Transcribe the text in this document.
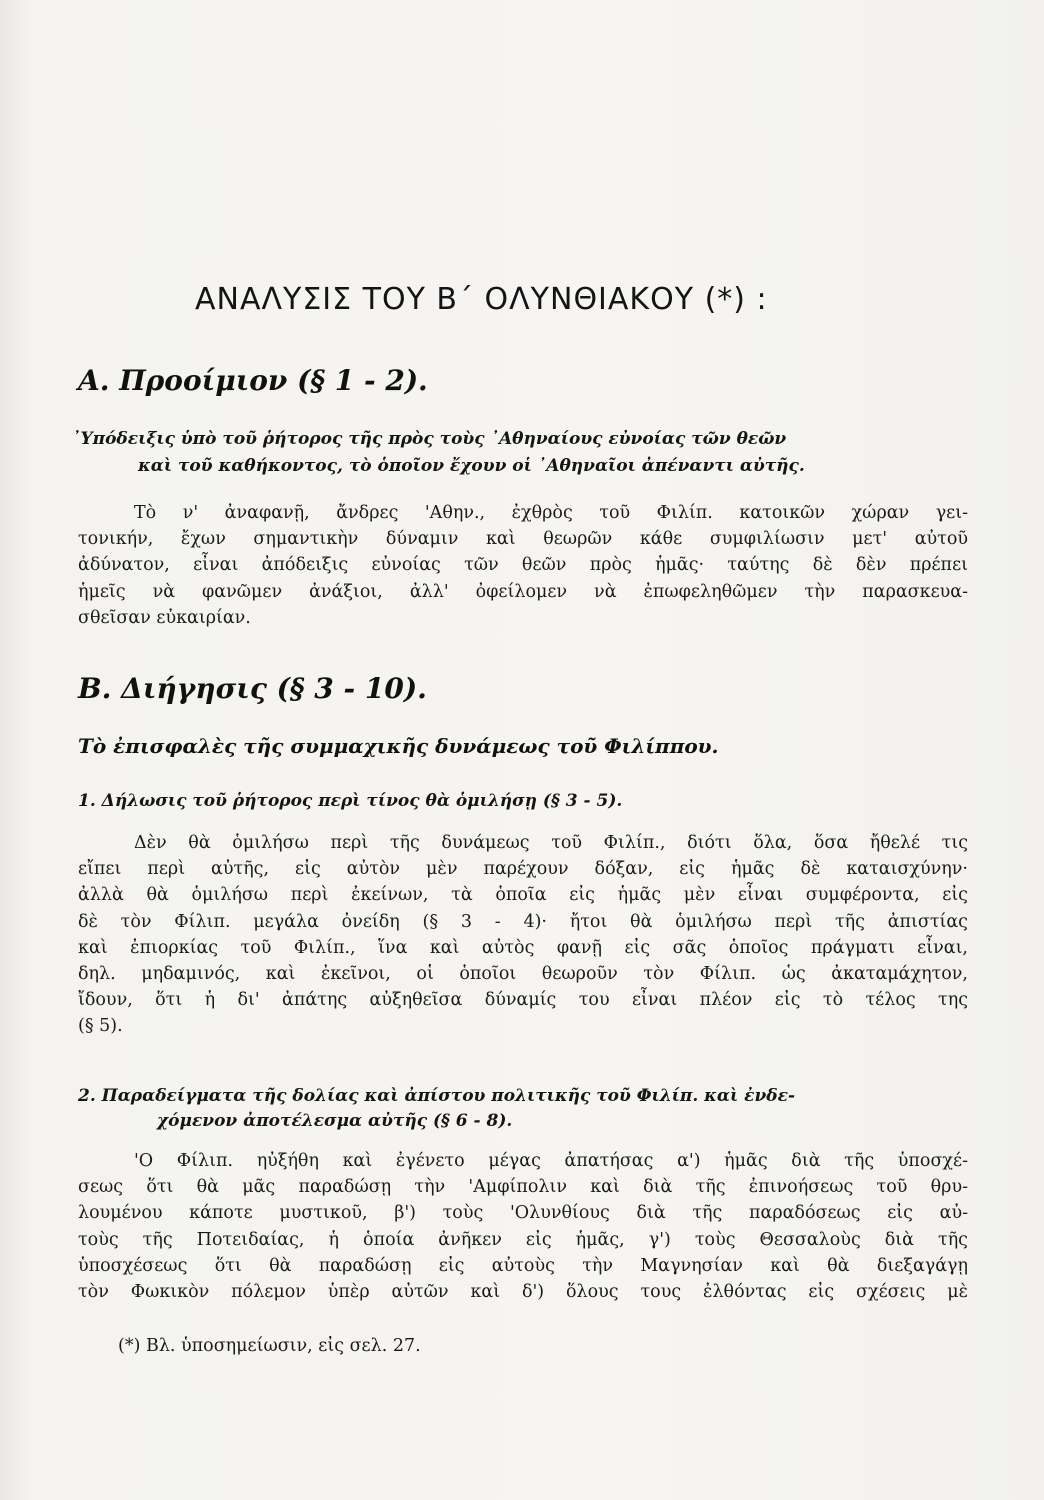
ΑΝΑΛΥΣΙΣ ΤΟΥ Β΄ ΟΛΥΝΘΙΑΚΟΥ (*) :
Α. Προοίμιον (§ 1 - 2).
᾿Υπόδειξις ὑπὸ τοῦ ῥήτορος τῆς πρὸς τοὺς ᾿Αθηναίους εὐνοίας τῶν θεῶν
καὶ τοῦ καθήκοντος, τὸ ὁποῖον ἔχουν οἱ ᾿Αθηναῖοι ἀπέναντι αὐτῆς.
Τὸ ν' ἀναφανῇ, ἄνδρες 'Αθην., ἐχθρὸς τοῦ Φιλίπ. κατοικῶν χώραν γει-
τονικήν, ἔχων σημαντικὴν δύναμιν καὶ θεωρῶν κάθε συμφιλίωσιν μετ' αὐτοῦ
ἀδύνατον, εἶναι ἀπόδειξις εὐνοίας τῶν θεῶν πρὸς ἡμᾶς· ταύτης δὲ δὲν πρέπει
ἡμεῖς νὰ φανῶμεν ἀνάξιοι, ἀλλ' ὀφείλομεν νὰ ἐπωφεληθῶμεν τὴν παρασκευα-
σθεῖσαν εὐκαιρίαν.
Β. Διήγησις (§ 3 - 10).
Τὸ ἐπισφαλὲς τῆς συμμαχικῆς δυνάμεως τοῦ Φιλίππου.
1. Δήλωσις τοῦ ῥήτορος περὶ τίνος θὰ ὁμιλήσῃ (§ 3 - 5).
Δὲν θὰ ὁμιλήσω περὶ τῆς δυνάμεως τοῦ Φιλίπ., διότι ὅλα, ὅσα ἤθελέ τις
εἴπει περὶ αὐτῆς, εἰς αὐτὸν μὲν παρέχουν δόξαν, εἰς ἡμᾶς δὲ καταισχύνην·
ἀλλὰ θὰ ὁμιλήσω περὶ ἐκείνων, τὰ ὁποῖα εἰς ἡμᾶς μὲν εἶναι συμφέροντα, εἰς
δὲ τὸν Φίλιπ. μεγάλα ὀνείδη (§ 3 - 4)· ἤτοι θὰ ὁμιλήσω περὶ τῆς ἀπιστίας
καὶ ἐπιορκίας τοῦ Φιλίπ., ἵνα καὶ αὐτὸς φανῇ εἰς σᾶς ὁποῖος πράγματι εἶναι,
δηλ. μηδαμινός, καὶ ἐκεῖνοι, οἱ ὁποῖοι θεωροῦν τὸν Φίλιπ. ὡς ἀκαταμάχητον,
ἴδουν, ὅτι ἡ δι' ἀπάτης αὐξηθεῖσα δύναμίς του εἶναι πλέον εἰς τὸ τέλος της
(§ 5).
2. Παραδείγματα τῆς δολίας καὶ ἀπίστου πολιτικῆς τοῦ Φιλίπ. καὶ ἐνδε-
χόμενον ἀποτέλεσμα αὐτῆς (§ 6 - 8).
'Ο Φίλιπ. ηὐξήθη καὶ ἐγένετο μέγας ἀπατήσας α') ἡμᾶς διὰ τῆς ὑποσχέ-
σεως ὅτι θὰ μᾶς παραδώσῃ τὴν 'Αμφίπολιν καὶ διὰ τῆς ἐπινοήσεως τοῦ θρυ-
λουμένου κάποτε μυστικοῦ, β') τοὺς 'Ολυνθίους διὰ τῆς παραδόσεως εἰς αὐ-
τοὺς τῆς Ποτειδαίας, ἡ ὁποία ἀνῆκεν εἰς ἡμᾶς, γ') τοὺς Θεσσαλοὺς διὰ τῆς
ὑποσχέσεως ὅτι θὰ παραδώσῃ εἰς αὐτοὺς τὴν Μαγνησίαν καὶ θὰ διεξαγάγῃ
τὸν Φωκικὸν πόλεμον ὑπὲρ αὐτῶν καὶ δ') ὅλους τους ἐλθόντας εἰς σχέσεις μὲ
(*) Βλ. ὑποσημείωσιν, εἰς σελ. 27.
